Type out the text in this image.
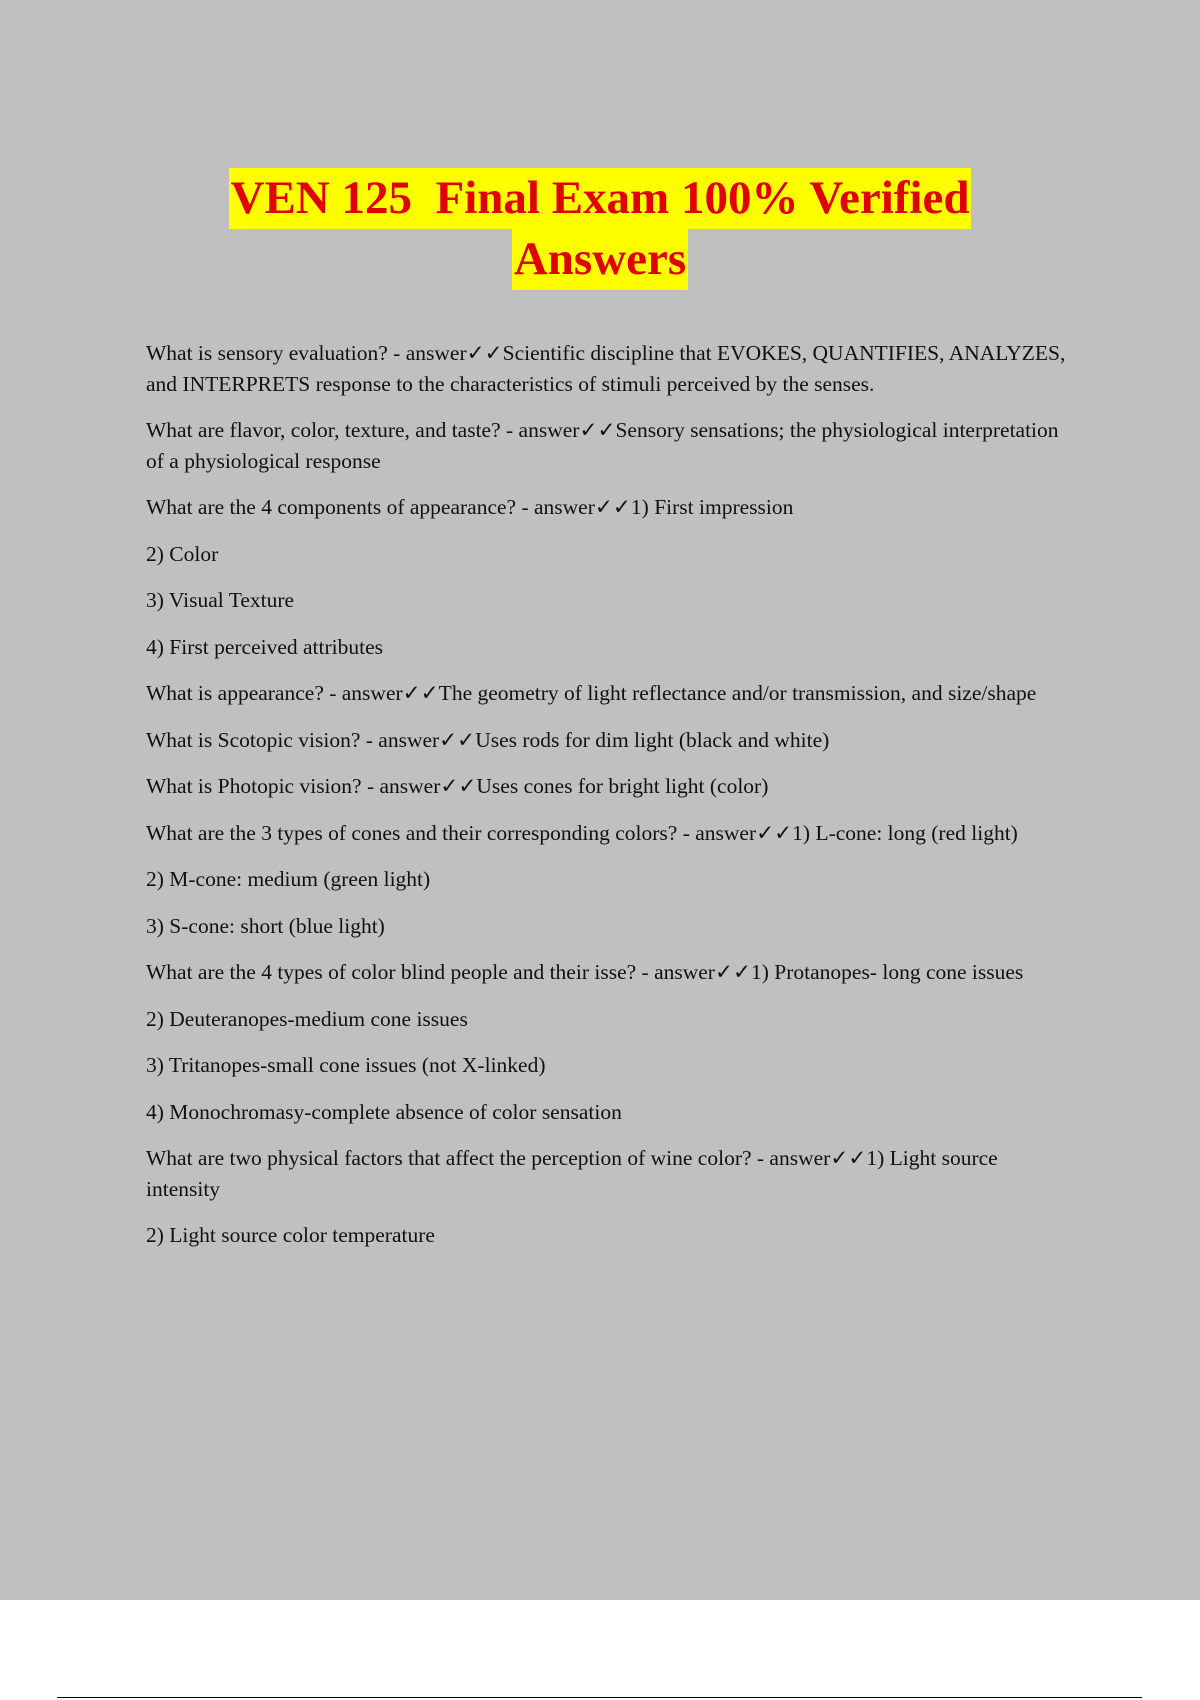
VEN 125  Final Exam 100% Verified
Answers

What is sensory evaluation? - answer✓✓Scientific discipline that EVOKES, QUANTIFIES, ANALYZES, and INTERPRETS response to the characteristics of stimuli perceived by the senses.

What are flavor, color, texture, and taste? - answer✓✓Sensory sensations; the physiological interpretation of a physiological response

What are the 4 components of appearance? - answer✓✓1) First impression

2) Color

3) Visual Texture

4) First perceived attributes

What is appearance? - answer✓✓The geometry of light reflectance and/or transmission, and size/shape

What is Scotopic vision? - answer✓✓Uses rods for dim light (black and white)

What is Photopic vision? - answer✓✓Uses cones for bright light (color)

What are the 3 types of cones and their corresponding colors? - answer✓✓1) L-cone: long (red light)

2) M-cone: medium (green light)

3) S-cone: short (blue light)

What are the 4 types of color blind people and their isse? - answer✓✓1) Protanopes- long cone issues

2) Deuteranopes-medium cone issues

3) Tritanopes-small cone issues (not X-linked)

4) Monochromasy-complete absence of color sensation

What are two physical factors that affect the perception of wine color? - answer✓✓1) Light source intensity

2) Light source color temperature
